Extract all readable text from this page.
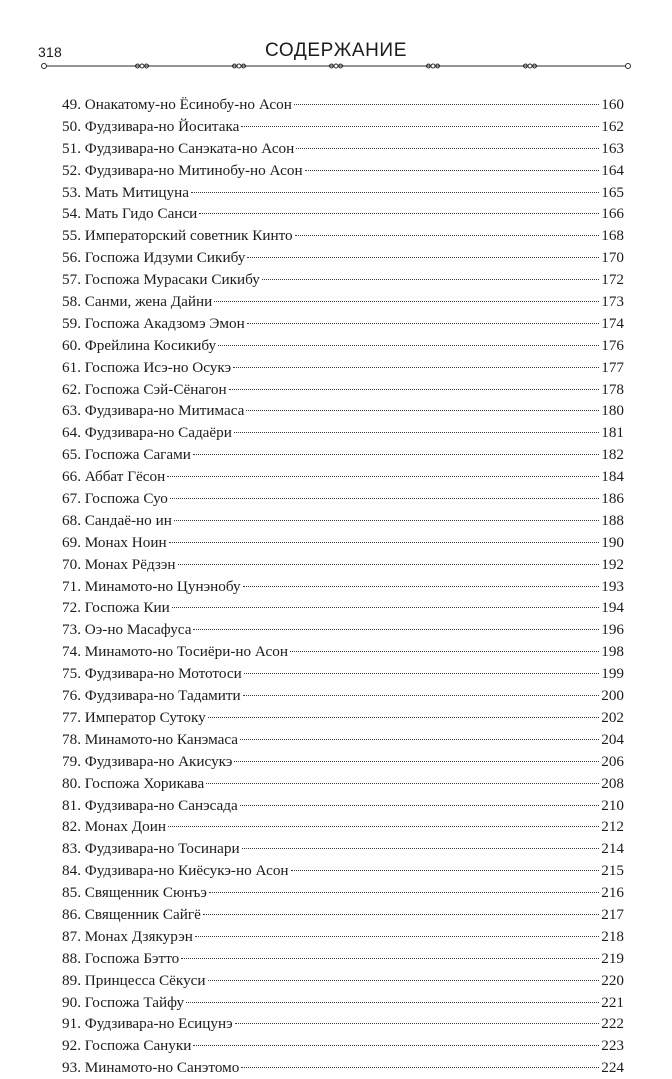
318	СОДЕРЖАНИЕ
49. Онакатому-но Ёсинобу-но Асон	160
50. Фудзивара-но Йоситака	162
51. Фудзивара-но Санэката-но Асон	163
52. Фудзивара-но Митинобу-но Асон	164
53. Мать Митицуна	165
54. Мать Гидо Санси	166
55. Императорский советник Кинто	168
56. Госпожа Идзуми Сикибу	170
57. Госпожа Мурасаки Сикибу	172
58. Санми, жена Дайни	173
59. Госпожа Акадзомэ Эмон	174
60. Фрейлина Косикибу	176
61. Госпожа Исэ-но Осукэ	177
62. Госпожа Сэй-Сёнагон	178
63. Фудзивара-но Митимаса	180
64. Фудзивара-но Садаёри	181
65. Госпожа Сагами	182
66. Аббат Гёсон	184
67. Госпожа Суо	186
68. Сандаё-но ин	188
69. Монах Ноин	190
70. Монах Рёдзэн	192
71. Минамото-но Цунэнобу	193
72. Госпожа Кии	194
73. Оэ-но Масафуса	196
74. Минамото-но Тосиёри-но Асон	198
75. Фудзивара-но Мототоси	199
76. Фудзивара-но Тадамити	200
77. Император Сутоку	202
78. Минамото-но Канэмаса	204
79. Фудзивара-но Акисукэ	206
80. Госпожа Хорикава	208
81. Фудзивара-но Санэсада	210
82. Монах Доин	212
83. Фудзивара-но Тосинари	214
84. Фудзивара-но Киёсукэ-но Асон	215
85. Священник Сюнъэ	216
86. Священник Сайгё	217
87. Монах Дзякурэн	218
88. Госпожа Бэтто	219
89. Принцесса Сёкуси	220
90. Госпожа Тайфу	221
91. Фудзивара-но Есицунэ	222
92. Госпожа Сануки	223
93. Минамото-но Санэтомо	224
